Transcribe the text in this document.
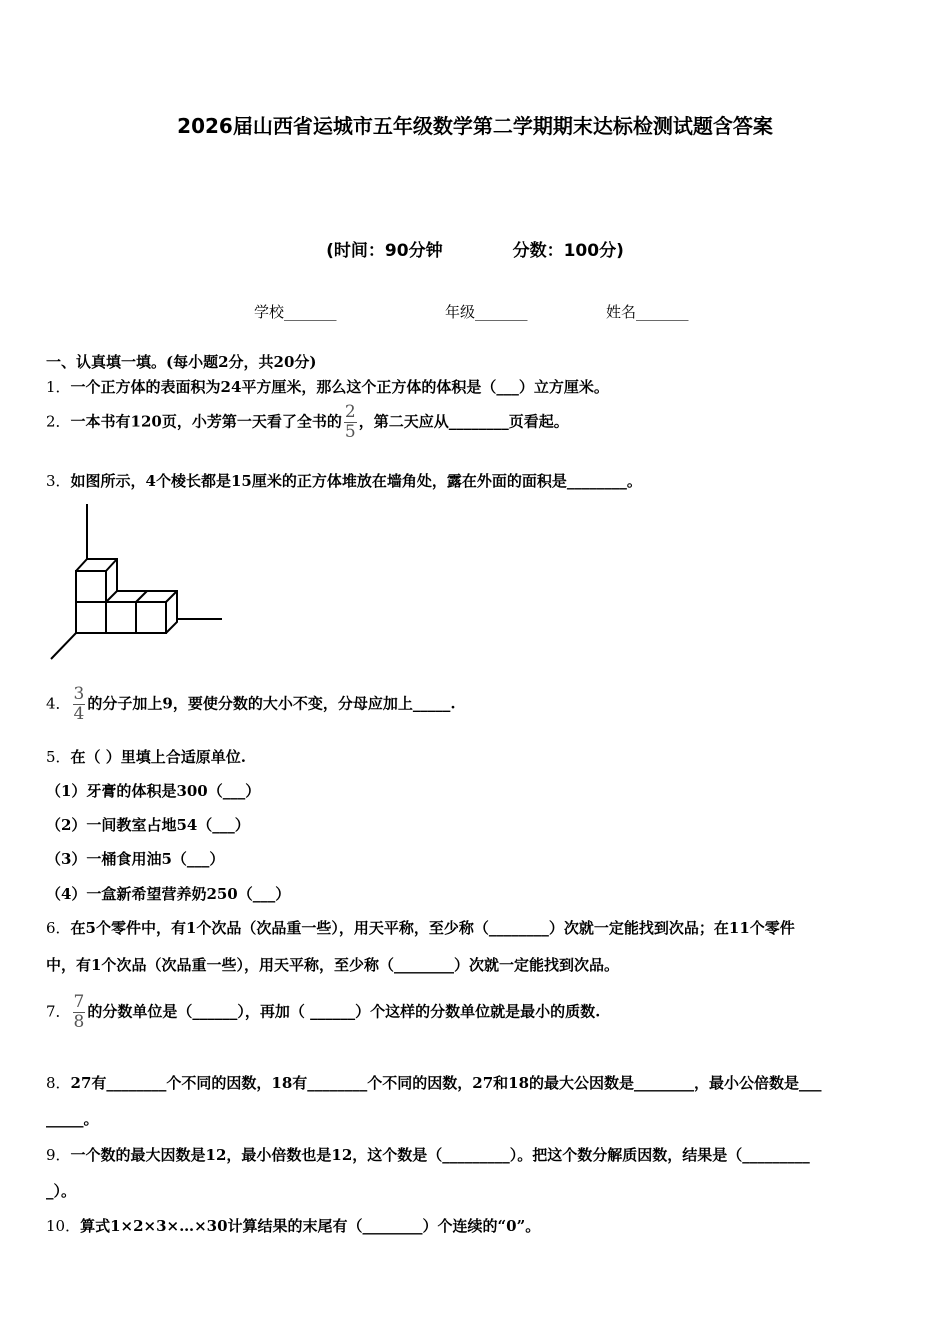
2026届山西省运城市五年级数学第二学期期末达标检测试题含答案
(时间：90分钟	分数：100分)
学校_______	年级_______	姓名_______
一、认真填一填。(每小题2分，共20分)
1．一个正方体的表面积为24平方厘米，那么这个正方体的体积是（___）立方厘米。
2．一本书有120页，小芳第一天看了全书的 $\frac{2}{5}$ ，第二天应从________页看起。
3．如图所示，4个棱长都是15厘米的正方体堆放在墙角处，露在外面的面积是________。
4． $\frac{3}{4}$ 的分子加上9，要使分数的大小不变，分母应加上_____.
5．在（ ）里填上合适原单位.
（1）牙膏的体积是300（___）
（2）一间教室占地54（___）
（3）一桶食用油5（___）
（4）一盒新希望营养奶250（___）
6．在5个零件中，有1个次品（次品重一些），用天平称，至少称（________）次就一定能找到次品；在11个零件
中，有1个次品（次品重一些），用天平称，至少称（________）次就一定能找到次品。
7． $\frac{7}{8}$ 的分数单位是（______），再加（ ______）个这样的分数单位就是最小的质数.
8．27有________个不同的因数，18有________个不同的因数，27和18的最大公因数是________，最小公倍数是___
_____。
9．一个数的最大因数是12，最小倍数也是12，这个数是（_________）。把这个数分解质因数，结果是（_________
_）。
10．算式1×2×3×…×30计算结果的末尾有（________）个连续的“0”。
